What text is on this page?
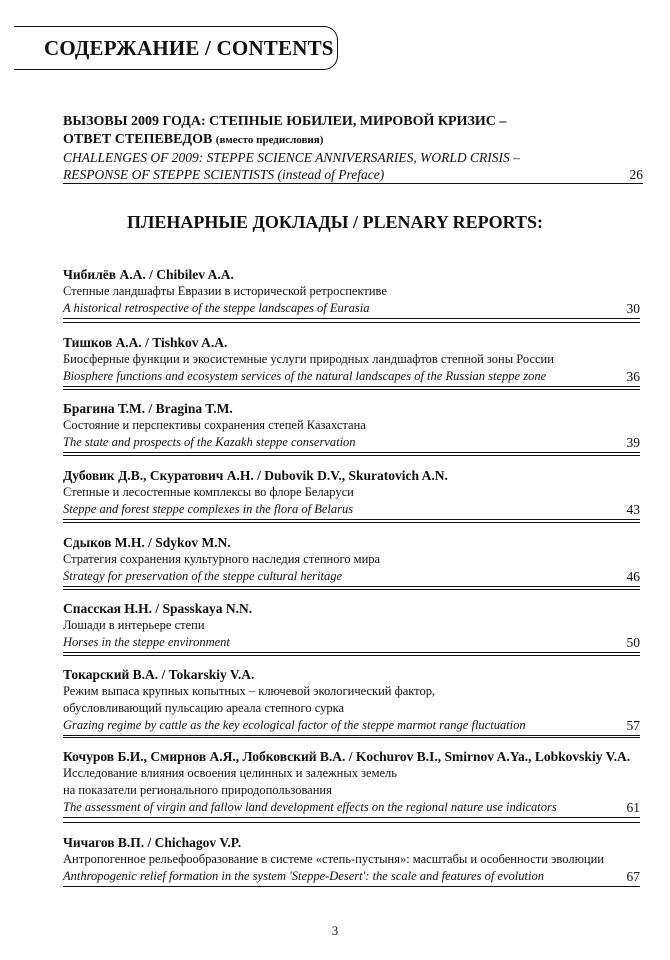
СОДЕРЖАНИЕ / CONTENTS
ВЫЗОВЫ 2009 ГОДА: СТЕПНЫЕ ЮБИЛЕИ, МИРОВОЙ КРИЗИС –
ОТВЕТ СТЕПЕВЕДОВ (вместо предисловия)
CHALLENGES OF 2009: STEPPE SCIENCE ANNIVERSARIES, WORLD CRISIS –
RESPONSE OF STEPPE SCIENTISTS (instead of Preface)	26
ПЛЕНАРНЫЕ ДОКЛАДЫ / PLENARY REPORTS:
Чибилёв А.А. / Chibilev A.A.
Степные ландшафты Евразии в исторической ретроспективе
A historical retrospective of the steppe landscapes of Eurasia	30
Тишков А.А. / Tishkov A.A.
Биосферные функции и экосистемные услуги природных ландшафтов степной зоны России
Biosphere functions and ecosystem services of the natural landscapes of the Russian steppe zone	36
Брагина Т.М. / Bragina T.M.
Состояние и перспективы сохранения степей Казахстана
The state and prospects of the Kazakh steppe conservation	39
Дубовик Д.В., Скуратович А.Н. / Dubovik D.V., Skuratovich A.N.
Степные и лесостепные комплексы во флоре Беларуси
Steppe and forest steppe complexes in the flora of Belarus	43
Сдыков М.Н. / Sdykov M.N.
Стратегия сохранения культурного наследия степного мира
Strategy for preservation of the steppe cultural heritage	46
Спасская Н.Н. / Spasskaya N.N.
Лошади в интерьере степи
Horses in the steppe environment	50
Токарский В.А. / Tokarskiy V.A.
Режим выпаса крупных копытных – ключевой экологический фактор,
обусловливающий пульсацию ареала степного сурка
Grazing regime by cattle as the key ecological factor of the steppe marmot range fluctuation	57
Кочуров Б.И., Смирнов А.Я., Лобковский В.А. / Kochurov B.I., Smirnov A.Ya., Lobkovskiy V.A.
Исследование влияния освоения целинных и залежных земель
на показатели регионального природопользования
The assessment of virgin and fallow land development effects on the regional nature use indicators	61
Чичагов В.П. / Chichagov V.P.
Антропогенное рельефообразование в системе «степь-пустыня»: масштабы и особенности эволюции
Anthropogenic relief formation in the system 'Steppe-Desert': the scale and features of evolution	67
3
